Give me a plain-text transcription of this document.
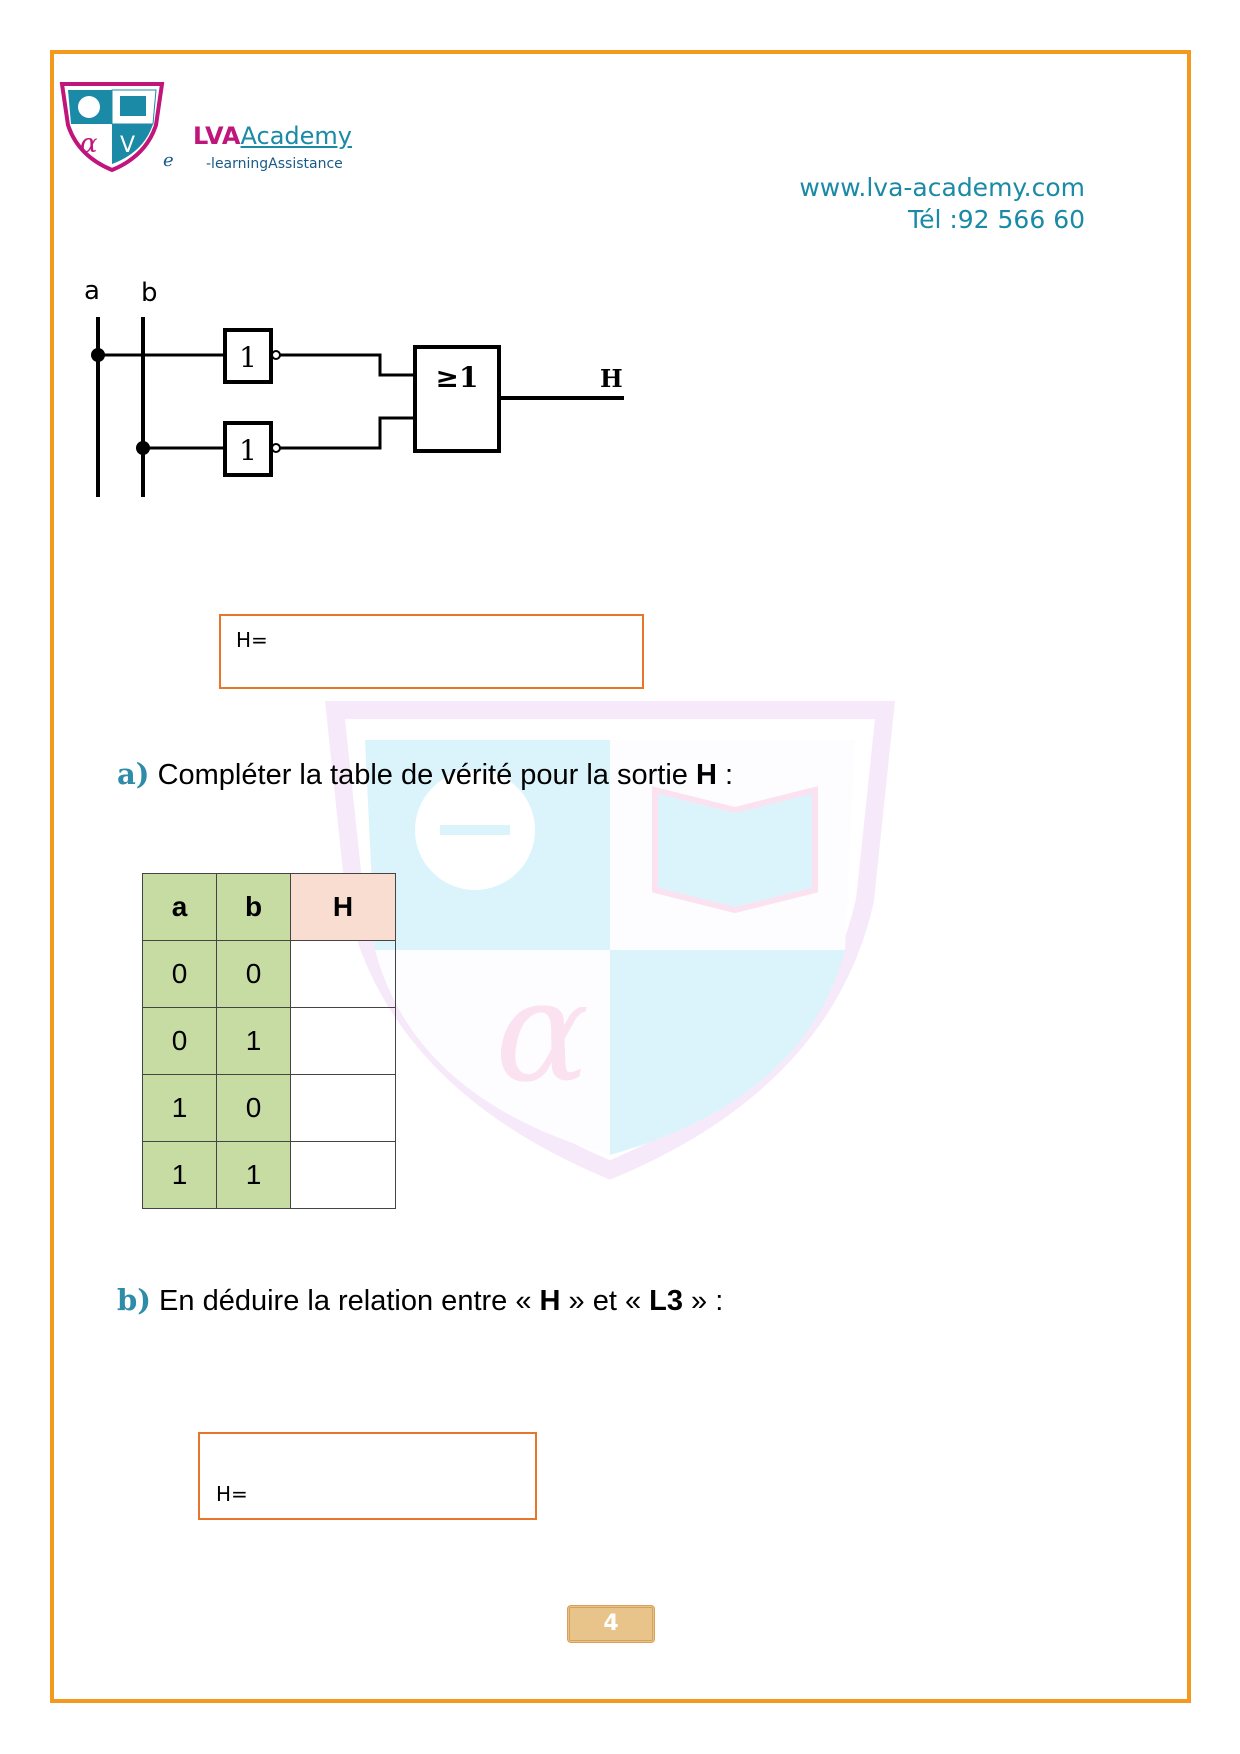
α
α V LVAAcademy
e -learningAssistance
www.lva-academy.com
Tél :92 566 60
a b
1
1
≥1	H
H=
a) Compléter la table de vérité pour la sortie H :
a	b	H
0	0	
0	1	
1	0	
1	1	
b) En déduire la relation entre « H » et « L3 » :
H=
4
